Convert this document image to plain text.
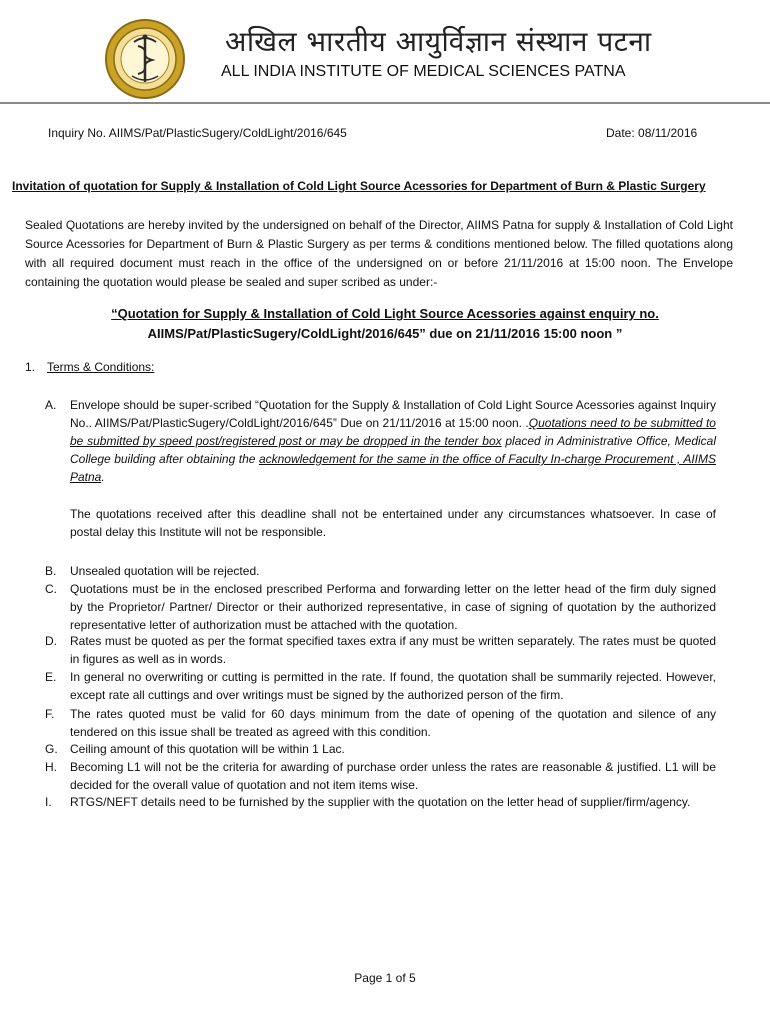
अखिल भारतीय आयुर्विज्ञान संस्थान पटना
ALL INDIA INSTITUTE OF MEDICAL SCIENCES PATNA
Inquiry No. AIIMS/Pat/PlasticSugery/ColdLight/2016/645	Date: 08/11/2016
Invitation of quotation for Supply & Installation of Cold Light Source Acessories for Department of Burn & Plastic Surgery
Sealed Quotations are hereby invited by the undersigned on behalf of the Director, AIIMS Patna for supply & Installation of Cold Light Source Acessories for Department of Burn & Plastic Surgery as per terms & conditions mentioned below. The filled quotations along with all required document must reach in the office of the undersigned on or before 21/11/2016 at 15:00 noon. The Envelope containing the quotation would please be sealed and super scribed as under:-
“Quotation for Supply & Installation of Cold Light Source Acessories against enquiry no.
AIIMS/Pat/PlasticSugery/ColdLight/2016/645” due on 21/11/2016 15:00 noon ”
1. Terms & Conditions:
A.	Envelope should be super-scribed “Quotation for the Supply & Installation of Cold Light Source Acessories against Inquiry No.. AIIMS/Pat/PlasticSugery/ColdLight/2016/645” Due on 21/11/2016 at 15:00 noon. .Quotations need to be submitted to be submitted by speed post/registered post or may be dropped in the tender box placed in Administrative Office, Medical College building after obtaining the acknowledgement for the same in the office of Faculty In-charge Procurement , AIIMS Patna.
The quotations received after this deadline shall not be entertained under any circumstances whatsoever. In case of postal delay this Institute will not be responsible.
B.	Unsealed quotation will be rejected.
C.	Quotations must be in the enclosed prescribed Performa and forwarding letter on the letter head of the firm duly signed by the Proprietor/ Partner/ Director or their authorized representative, in case of signing of quotation by the authorized representative letter of authorization must be attached with the quotation.
D.	Rates must be quoted as per the format specified taxes extra if any must be written separately. The rates must be quoted in figures as well as in words.
E.	In general no overwriting or cutting is permitted in the rate. If found, the quotation shall be summarily rejected. However, except rate all cuttings and over writings must be signed by the authorized person of the firm.
F.	The rates quoted must be valid for 60 days minimum from the date of opening of the quotation and silence of any tendered on this issue shall be treated as agreed with this condition.
G.	Ceiling amount of this quotation will be within 1 Lac.
H.	Becoming L1 will not be the criteria for awarding of purchase order unless the rates are reasonable & justified. L1 will be decided for the overall value of quotation and not item items wise.
I.	RTGS/NEFT details need to be furnished by the supplier with the quotation on the letter head of supplier/firm/agency.
Page 1 of 5
